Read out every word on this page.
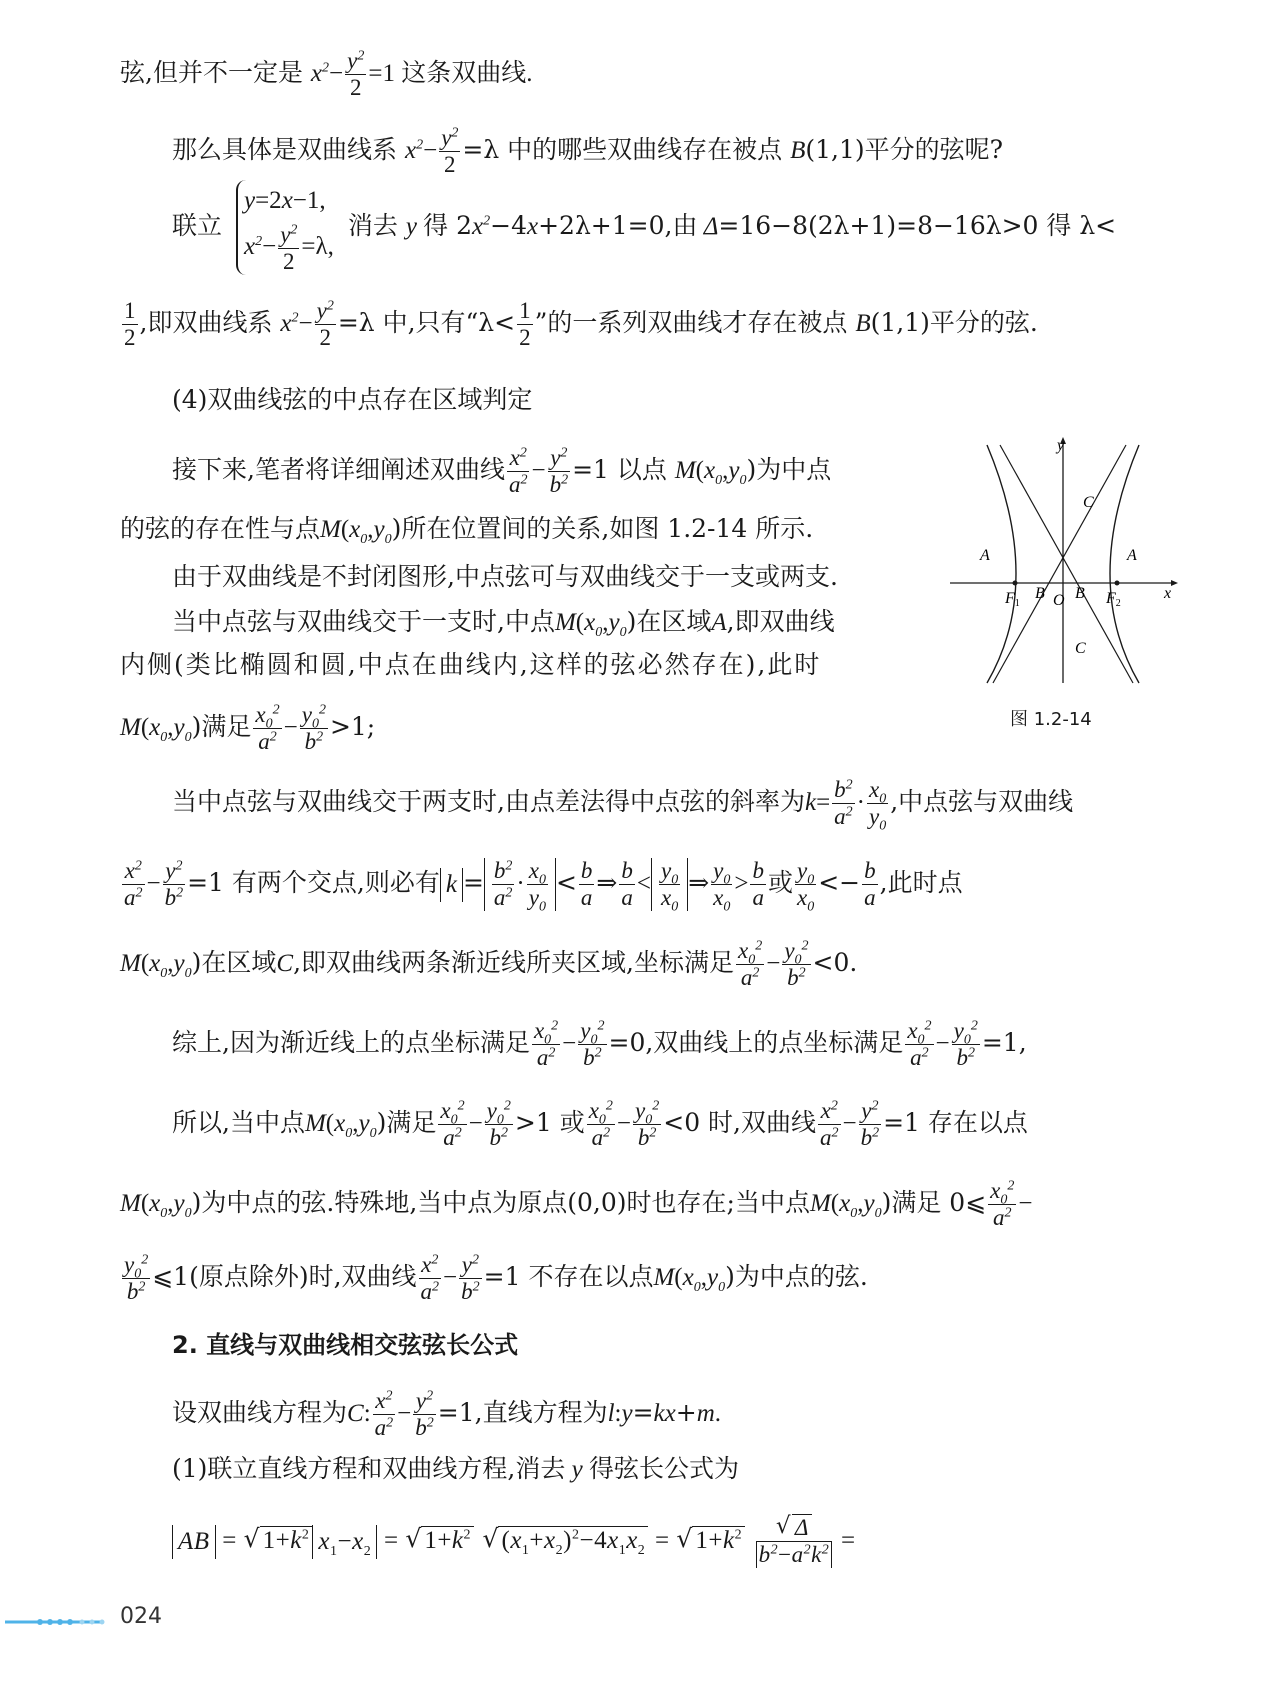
弦,但并不一定是 $x^2- \frac{y^2}{2} =1$ 这条双曲线.
那么具体是双曲线系 $x^2- \frac{y^2}{2} =\lambda$ 中的哪些双曲线存在被点 B(1,1)平分的弦呢?
联立
y=2x−1,
$x^2- \frac{y^2}{2} =\lambda$,
消去 y 得 $2x^2-4x+2\lambda+1=0$,由 Δ=16−8(2λ+1)=8−16λ>0 得 λ<
$\frac{1}{2}$ ,即双曲线系 $x^2- \frac{y^2}{2} =\lambda$ 中,只有“$\lambda< \frac{1}{2}$ ”的一系列双曲线才存在被点 B(1,1)平分的弦.
(4)双曲线弦的中点存在区域判定
接下来,笔者将详细阐述双曲线 $\frac{x^2}{a^2} - \frac{y^2}{b^2} =1$ 以点 $M(x_0,y_0)$为中点
的弦的存在性与点$M(x_0,y_0)$所在位置间的关系,如图 1.2-14 所示.
由于双曲线是不封闭图形,中点弦可与双曲线交于一支或两支.
当中点弦与双曲线交于一支时,中点$M(x_0,y_0)$在区域A,即双曲线
内侧(类比椭圆和圆,中点在曲线内,这样的弦必然存在),此时
$M(x_0,y_0)$满足 $\frac{x_0^2}{a^2} - \frac{y_0^2}{b^2} >1$;
y
x
A	A
B B
C
C
O
F1	F2
图 1.2-14
当中点弦与双曲线交于两支时,由点差法得中点弦的斜率为$k= \frac{b^2}{a^2} \cdot \frac{x_0}{y_0}$ ,中点弦与双曲线
$\frac{x^2}{a^2} - \frac{y^2}{b^2} =1$ 有两个交点,则必有 $k = \frac{b^2}{a^2} \cdot \frac{x_0}{y_0} < \frac{b}{a}$ ⇒ $\frac{b}{a} < \frac{y_0}{x_0}$ ⇒ $\frac{y_0}{x_0} > \frac{b}{a}$ 或 $\frac{y_0}{x_0} <- \frac{b}{a}$ ,此时点
$M(x_0,y_0)$在区域C,即双曲线两条渐近线所夹区域,坐标满足 $\frac{x_0^2}{a^2} - \frac{y_0^2}{b^2} <0$.
综上,因为渐近线上的点坐标满足 $\frac{x_0^2}{a^2} - \frac{y_0^2}{b^2} =0$,双曲线上的点坐标满足 $\frac{x_0^2}{a^2} - \frac{y_0^2}{b^2} =1$,
所以,当中点$M(x_0,y_0)$满足 $\frac{x_0^2}{a^2} - \frac{y_0^2}{b^2} >1$ 或 $\frac{x_0^2}{a^2} - \frac{y_0^2}{b^2} <0$ 时,双曲线 $\frac{x^2}{a^2} - \frac{y^2}{b^2} =1$ 存在以点
$M(x_0,y_0)$为中点的弦.特殊地,当中点为原点(0,0)时也存在;当中点$M(x_0,y_0)$满足 0⩽ $\frac{x_0^2}{a^2}$ −
$\frac{y_0^2}{b^2}$ ⩽1(原点除外)时,双曲线 $\frac{x^2}{a^2} - \frac{y^2}{b^2} =1$ 不存在以点$M(x_0,y_0)$为中点的弦.
2. 直线与双曲线相交弦弦长公式
设双曲线方程为C: $\frac{x^2}{a^2} - \frac{y^2}{b^2} =1$,直线方程为l:y=kx+m.
(1)联立直线方程和双曲线方程,消去 y 得弦长公式为
AB = √ $1+k^2$ $x_1-x_2$ = √ $1+k^2$ √ $(x_1+x_2)^2-4x_1x_2$ = √ $1+k^2$ √ $\frac{\Delta}{b^2-a^2k^2}$ =
024
